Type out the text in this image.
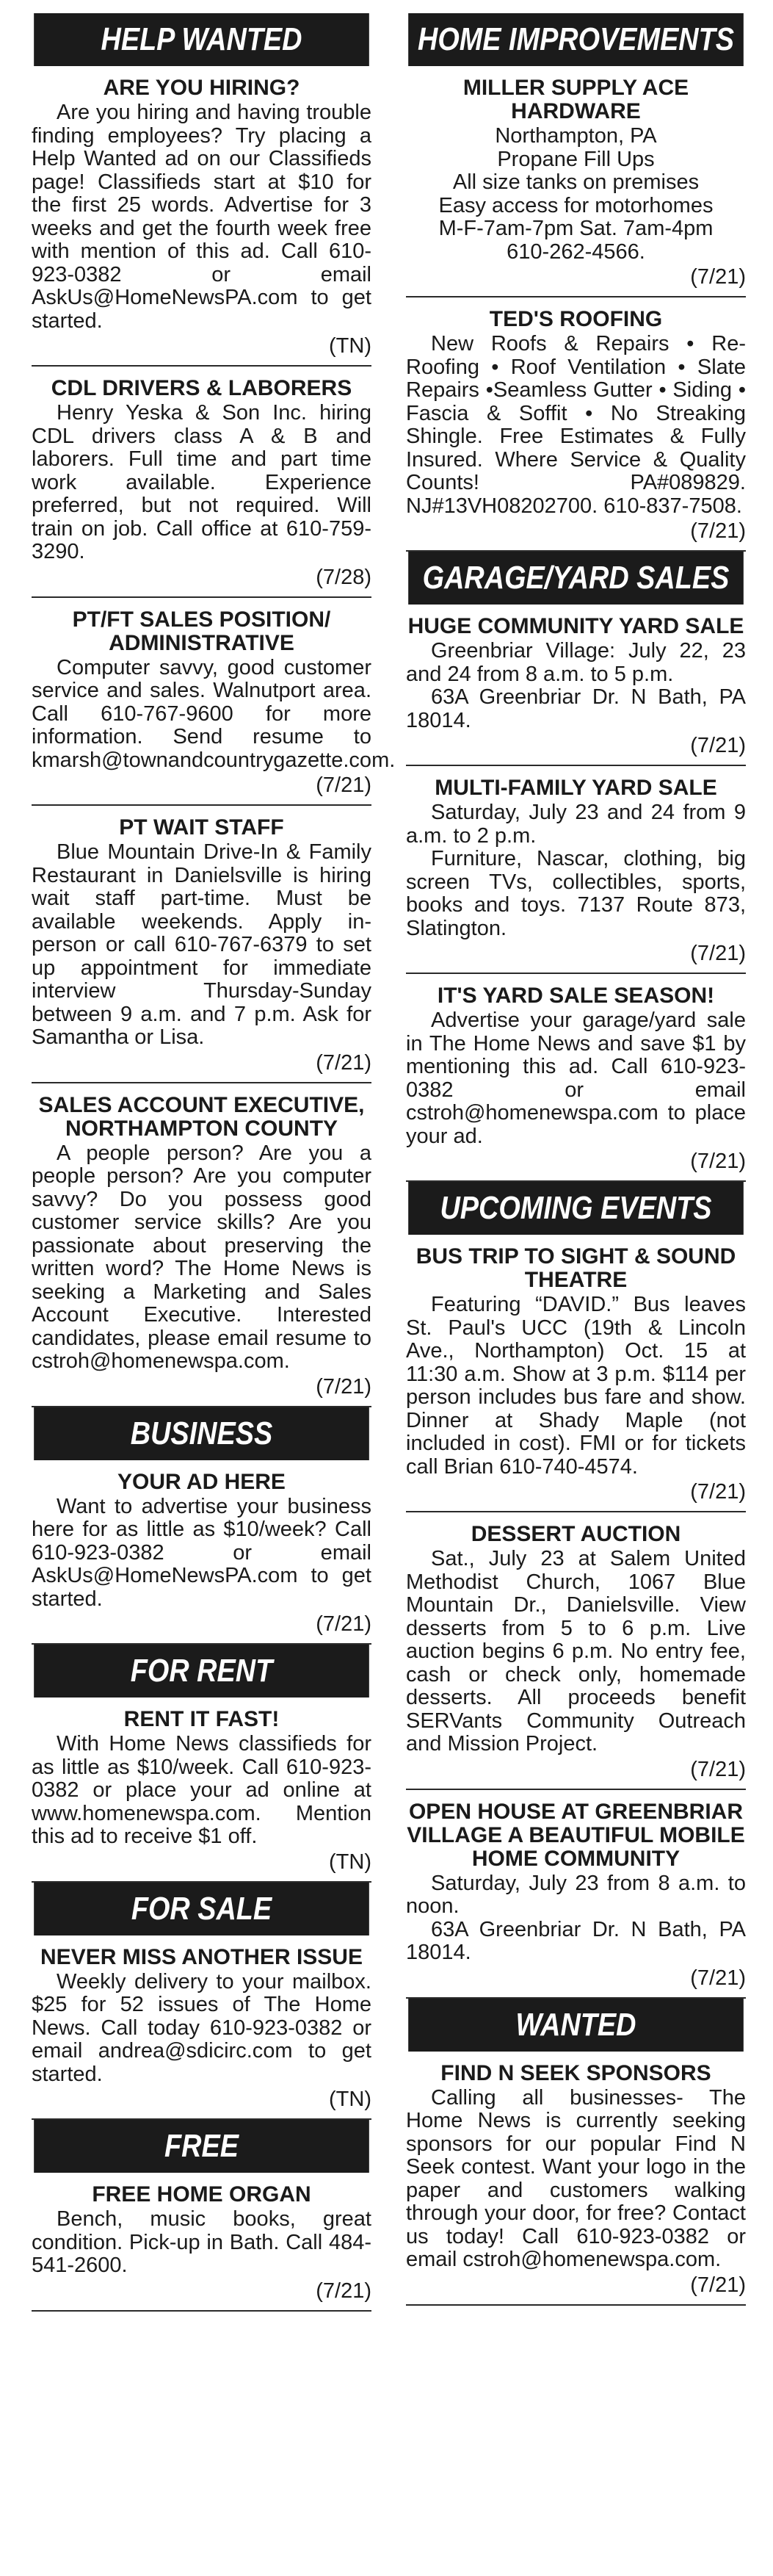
HELP WANTED
ARE YOU HIRING?

Are you hiring and having trouble finding employees? Try placing a Help Wanted ad on our Classifieds page! Classifieds start at $10 for the first 25 words. Advertise for 3 weeks and get the fourth week free with mention of this ad. Call 610-923-0382 or email AskUs@HomeNewsPA.com to get started.

(TN)
CDL DRIVERS & LABORERS

Henry Yeska & Son Inc. hiring CDL drivers class A & B and laborers. Full time and part time work available. Experience preferred, but not required. Will train on job. Call office at 610-759-3290.

(7/28)
PT/FT SALES POSITION/ ADMINISTRATIVE

Computer savvy, good customer service and sales. Walnutport area. Call 610-767-9600 for more information. Send resume to kmarsh@townandcountrygazette.com.

(7/21)
PT WAIT STAFF

Blue Mountain Drive-In & Family Restaurant in Danielsville is hiring wait staff part-time. Must be available weekends. Apply in-person or call 610-767-6379 to set up appointment for immediate interview Thursday-Sunday between 9 a.m. and 7 p.m. Ask for Samantha or Lisa.

(7/21)
SALES ACCOUNT EXECUTIVE, NORTHAMPTON COUNTY

A people person? Are you a people person? Are you computer savvy? Do you possess good customer service skills? Are you passionate about preserving the written word? The Home News is seeking a Marketing and Sales Account Executive. Interested candidates, please email resume to cstroh@homenewspa.com.

(7/21)
BUSINESS
YOUR AD HERE

Want to advertise your business here for as little as $10/week? Call 610-923-0382 or email AskUs@HomeNewsPA.com to get started.

(7/21)
FOR RENT
RENT IT FAST!

With Home News classifieds for as little as $10/week. Call 610-923-0382 or place your ad online at www.homenewspa.com. Mention this ad to receive $1 off.

(TN)
FOR SALE
NEVER MISS ANOTHER ISSUE

Weekly delivery to your mailbox. $25 for 52 issues of The Home News. Call today 610-923-0382 or email andrea@sdicirc.com to get started.

(TN)
FREE
FREE HOME ORGAN

Bench, music books, great condition. Pick-up in Bath. Call 484-541-2600.

(7/21)
HOME IMPROVEMENTS
MILLER SUPPLY ACE HARDWARE

Northampton, PA

Propane Fill Ups

All size tanks on premises

Easy access for motorhomes

M-F-7am-7pm Sat. 7am-4pm

610-262-4566.

(7/21)
TED'S ROOFING

New Roofs & Repairs • Re-Roofing • Roof Ventilation • Slate Repairs •Seamless Gutter • Siding • Fascia & Soffit • No Streaking Shingle. Free Estimates & Fully Insured. Where Service & Quality Counts! PA#089829. NJ#13VH08202700. 610-837-7508.

(7/21)
GARAGE/YARD SALES
HUGE COMMUNITY YARD SALE

Greenbriar Village: July 22, 23 and 24 from 8 a.m. to 5 p.m.

63A Greenbriar Dr. N Bath, PA 18014.

(7/21)
MULTI-FAMILY YARD SALE

Saturday, July 23 and 24 from 9 a.m. to 2 p.m.

Furniture, Nascar, clothing, big screen TVs, collectibles, sports, books and toys. 7137 Route 873, Slatington.

(7/21)
IT'S YARD SALE SEASON!

Advertise your garage/yard sale in The Home News and save $1 by mentioning this ad. Call 610-923-0382 or email cstroh@homenewspa.com to place your ad.

(7/21)
UPCOMING EVENTS
BUS TRIP TO SIGHT & SOUND THEATRE

Featuring “DAVID.” Bus leaves St. Paul's UCC (19th & Lincoln Ave., Northampton) Oct. 15 at 11:30 a.m. Show at 3 p.m. $114 per person includes bus fare and show. Dinner at Shady Maple (not included in cost). FMI or for tickets call Brian 610-740-4574.

(7/21)
DESSERT AUCTION

Sat., July 23 at Salem United Methodist Church, 1067 Blue Mountain Dr., Danielsville. View desserts from 5 to 6 p.m. Live auction begins 6 p.m. No entry fee, cash or check only, homemade desserts. All proceeds benefit SERVants Community Outreach and Mission Project.

(7/21)
OPEN HOUSE AT GREENBRIAR VILLAGE A BEAUTIFUL MOBILE HOME COMMUNITY

Saturday, July 23 from 8 a.m. to noon.

63A Greenbriar Dr. N Bath, PA 18014.

(7/21)
WANTED
FIND N SEEK SPONSORS

Calling all businesses- The Home News is currently seeking sponsors for our popular Find N Seek contest. Want your logo in the paper and customers walking through your door, for free? Contact us today! Call 610-923-0382 or email cstroh@homenewspa.com.

(7/21)
